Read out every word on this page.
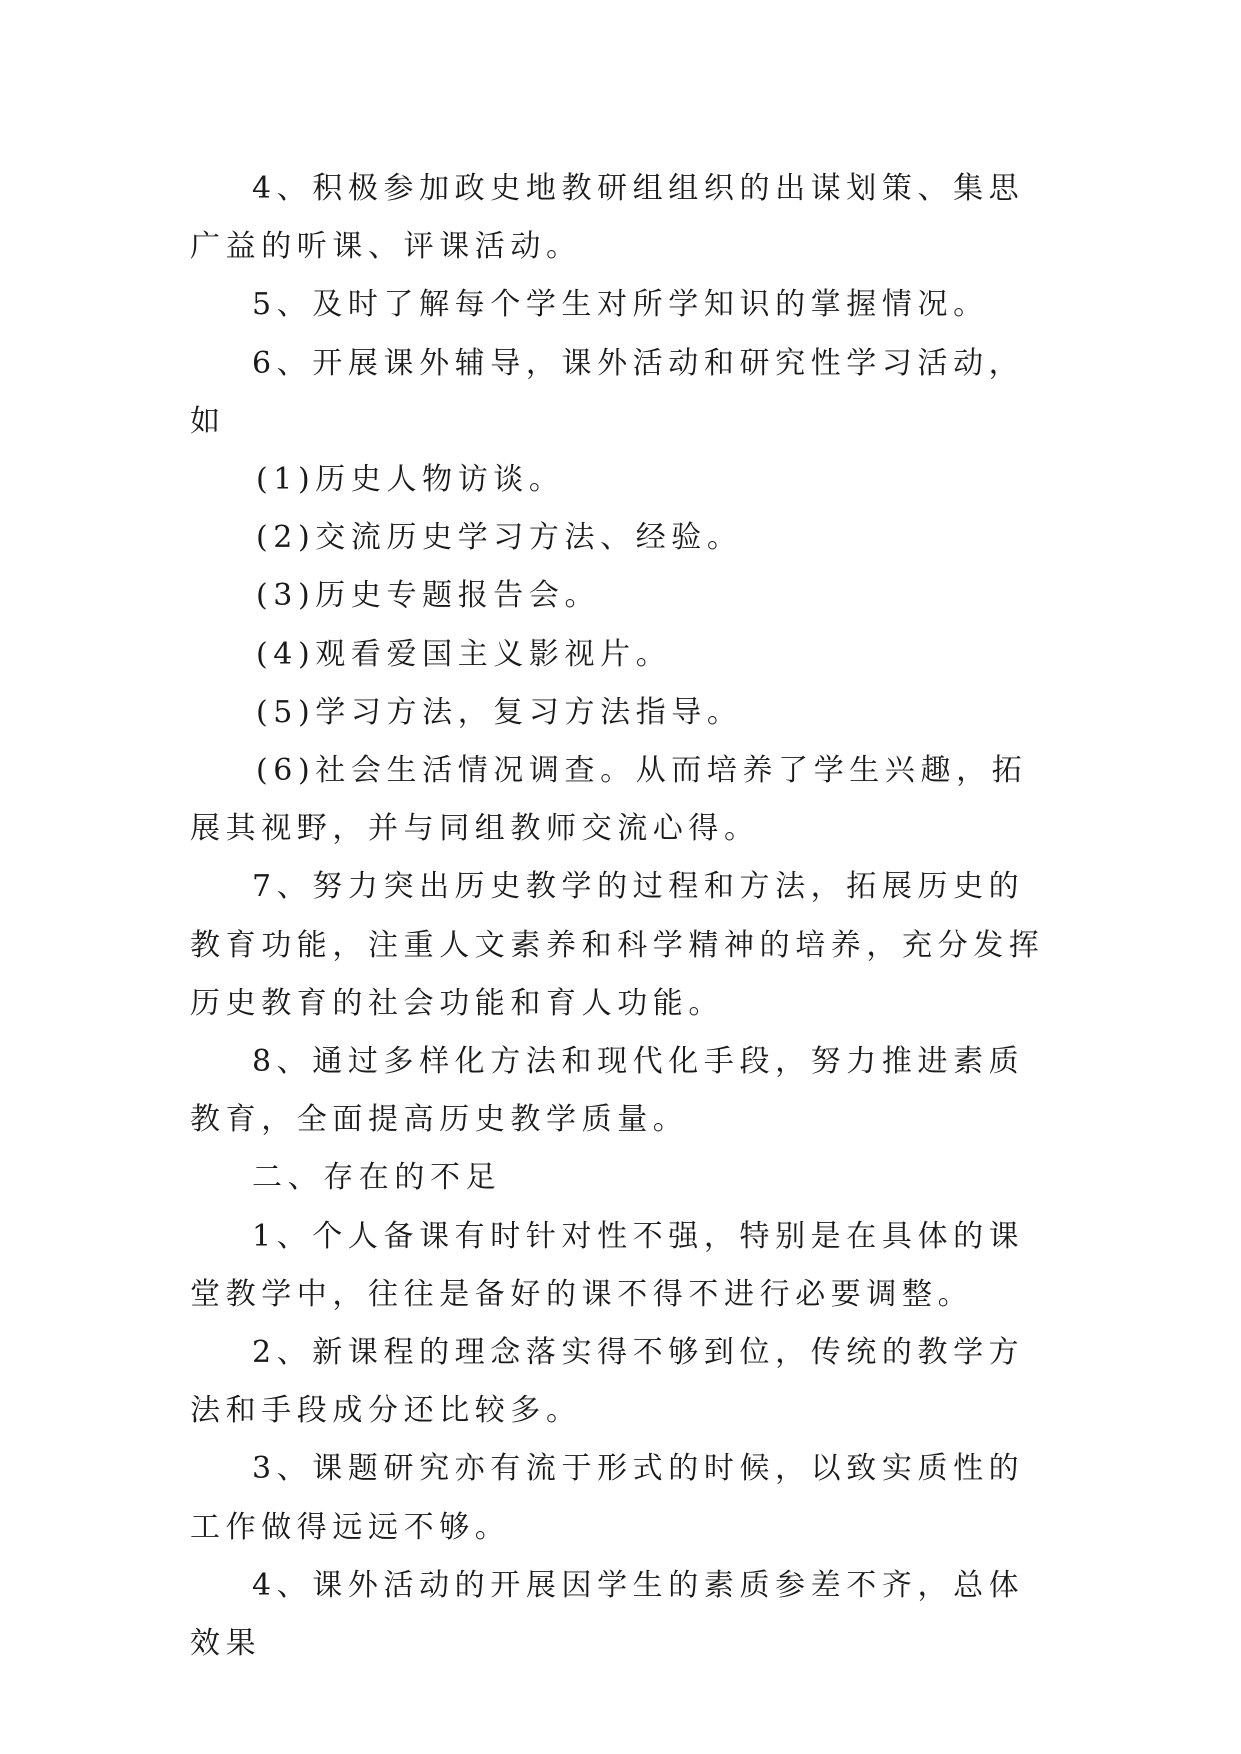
4、积极参加政史地教研组组织的出谋划策、集思广益的听课、评课活动。

5、及时了解每个学生对所学知识的掌握情况。

6、开展课外辅导，课外活动和研究性学习活动，如

(1)历史人物访谈。

(2)交流历史学习方法、经验。

(3)历史专题报告会。

(4)观看爱国主义影视片。

(5)学习方法，复习方法指导。

(6)社会生活情况调查。从而培养了学生兴趣，拓展其视野，并与同组教师交流心得。

7、努力突出历史教学的过程和方法，拓展历史的教育功能，注重人文素养和科学精神的培养，充分发挥历史教育的社会功能和育人功能。

8、通过多样化方法和现代化手段，努力推进素质教育，全面提高历史教学质量。

二、存在的不足

1、个人备课有时针对性不强，特别是在具体的课堂教学中，往往是备好的课不得不进行必要调整。

2、新课程的理念落实得不够到位，传统的教学方法和手段成分还比较多。

3、课题研究亦有流于形式的时候，以致实质性的工作做得远远不够。

4、课外活动的开展因学生的素质参差不齐，总体效果
